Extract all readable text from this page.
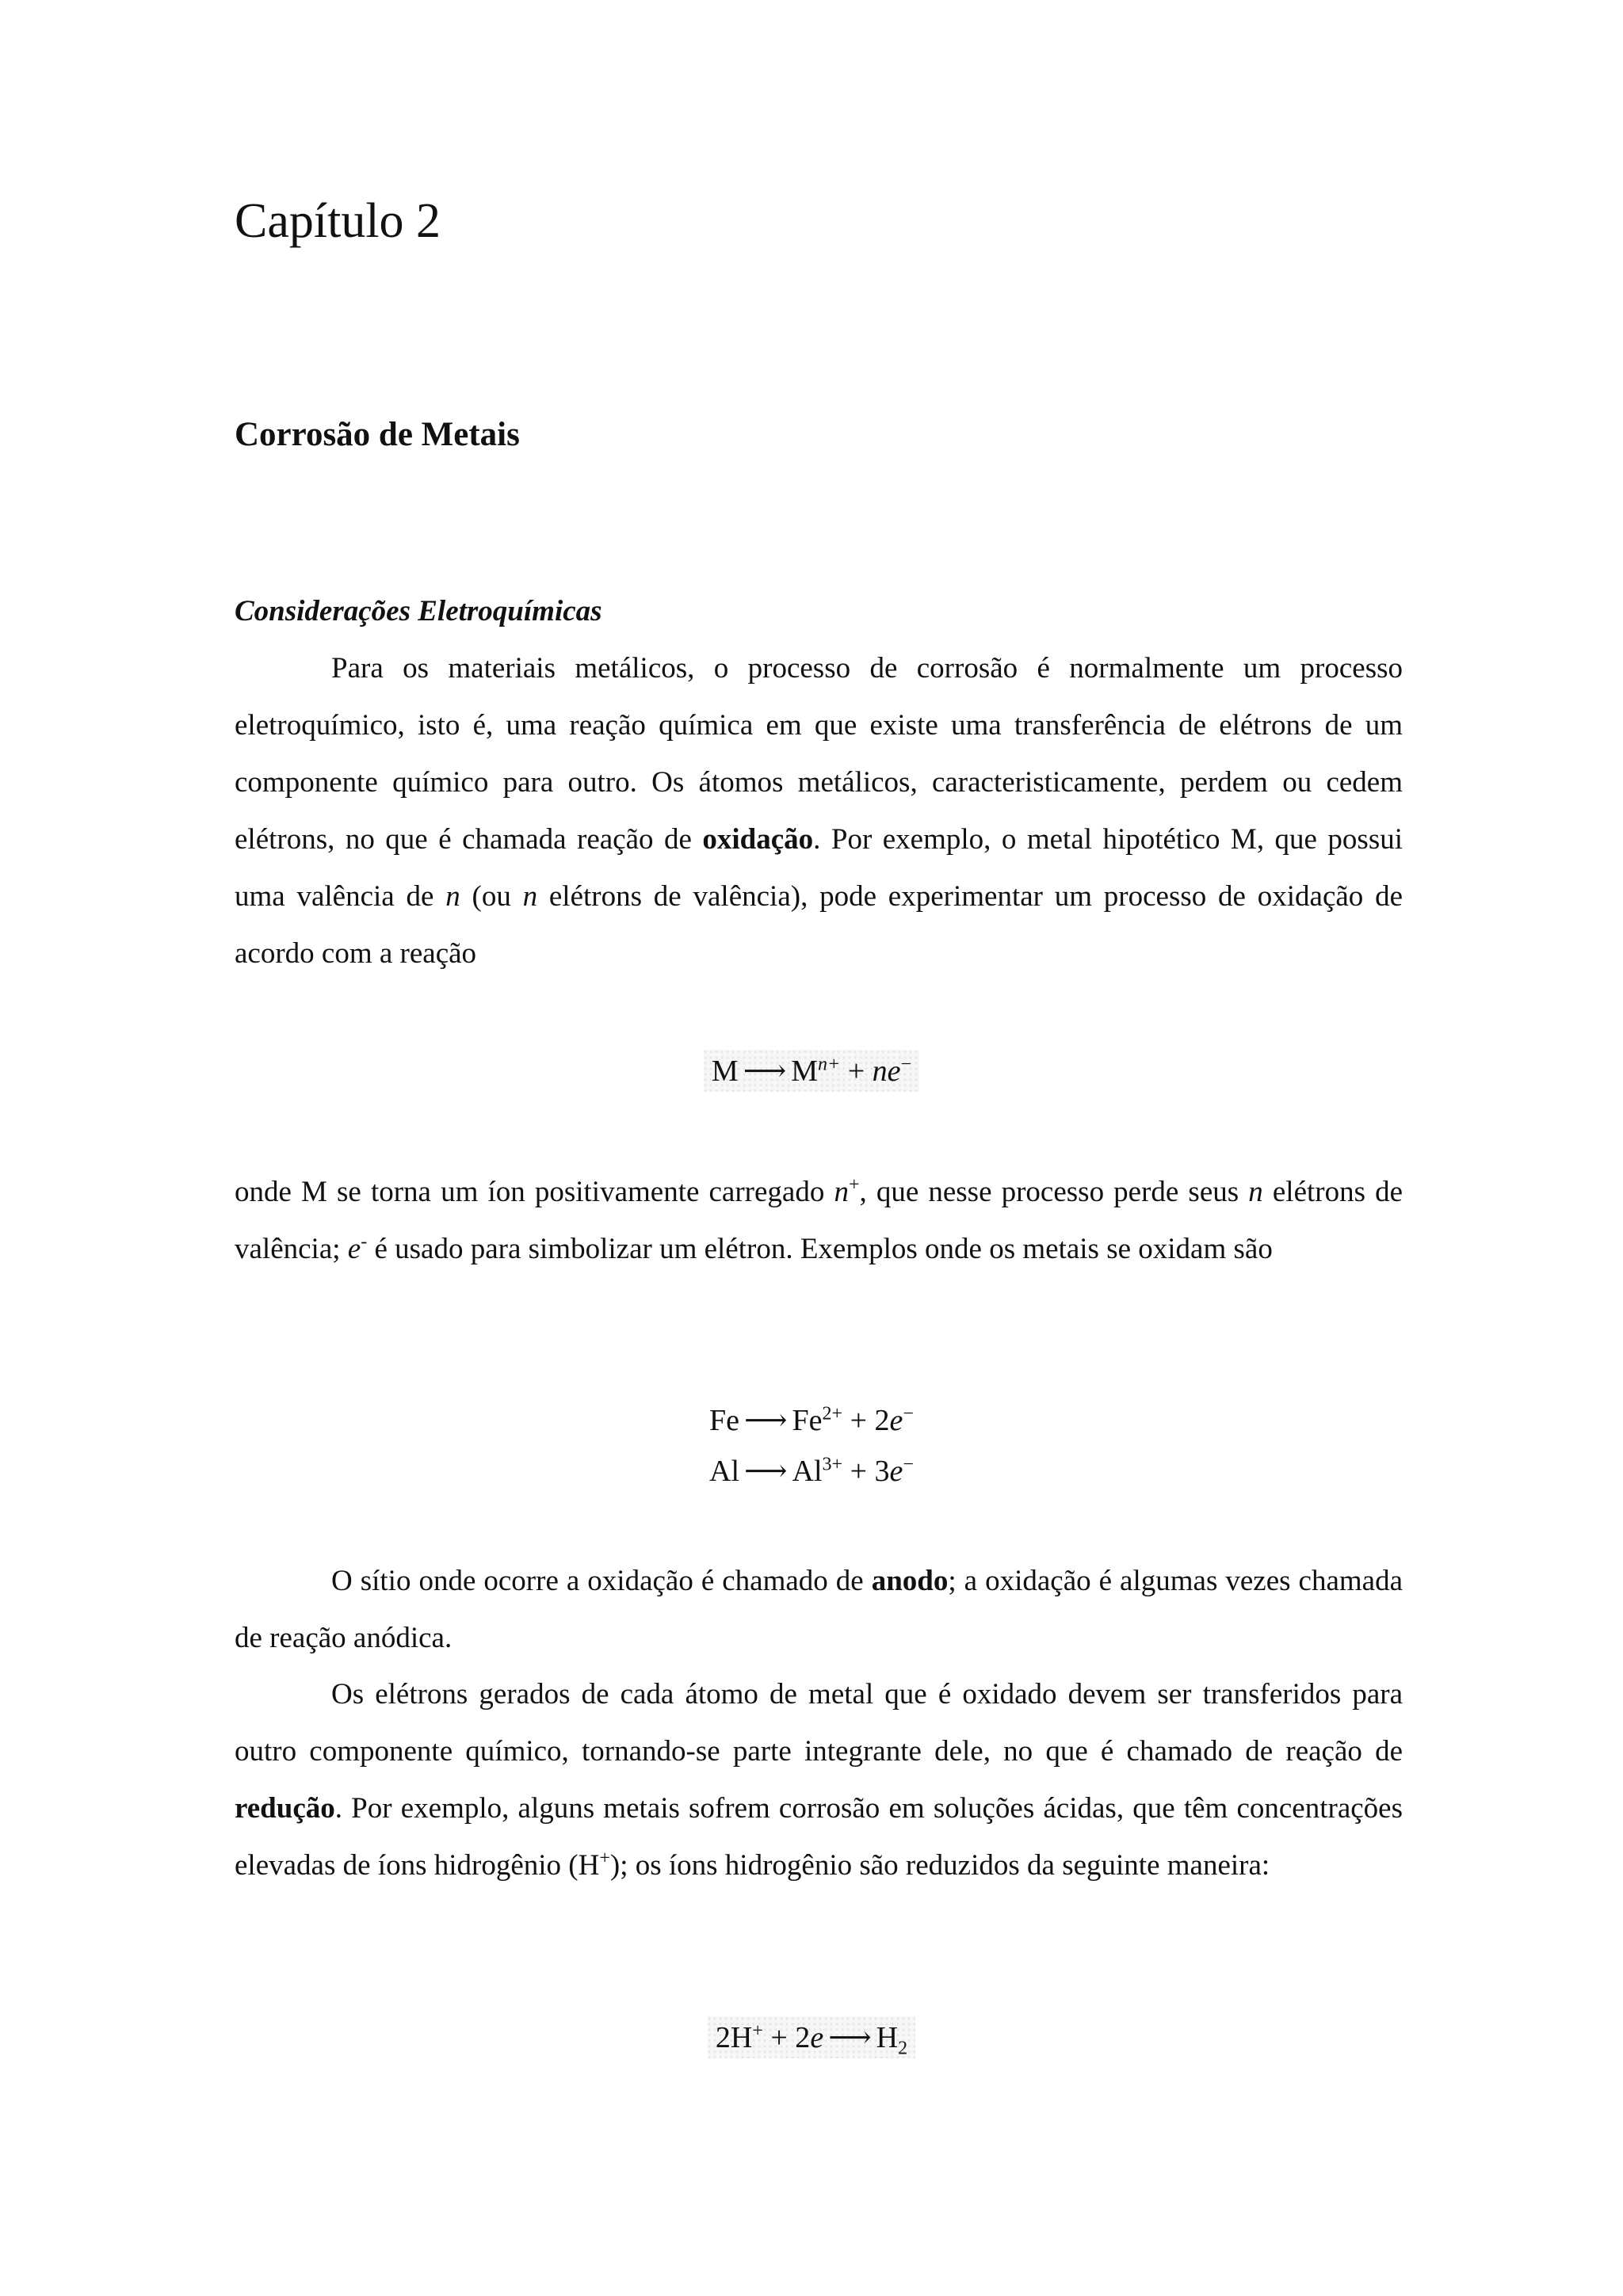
Capítulo 2
Corrosão de Metais
Considerações Eletroquímicas

Para os materiais metálicos, o processo de corrosão é normalmente um processo eletroquímico, isto é, uma reação química em que existe uma transferência de elétrons de um componente químico para outro. Os átomos metálicos, caracteristicamente, perdem ou cedem elétrons, no que é chamada reação de oxidação. Por exemplo, o metal hipotético M, que possui uma valência de n (ou n elétrons de valência), pode experimentar um processo de oxidação de acordo com a reação

M ⟶ $M^{n+} + ne^-$

onde M se torna um íon positivamente carregado n+, que nesse processo perde seus n elétrons de valência; e- é usado para simbolizar um elétron. Exemplos onde os metais se oxidam são

Fe ⟶ $Fe^{2+} + 2e^-$
Al ⟶ $Al^{3+} + 3e^-$

O sítio onde ocorre a oxidação é chamado de anodo; a oxidação é algumas vezes chamada de reação anódica.

Os elétrons gerados de cada átomo de metal que é oxidado devem ser transferidos para outro componente químico, tornando-se parte integrante dele, no que é chamado de reação de redução. Por exemplo, alguns metais sofrem corrosão em soluções ácidas, que têm concentrações elevadas de íons hidrogênio (H+); os íons hidrogênio são reduzidos da seguinte maneira:

2H+ + 2e ⟶ $H_2$
